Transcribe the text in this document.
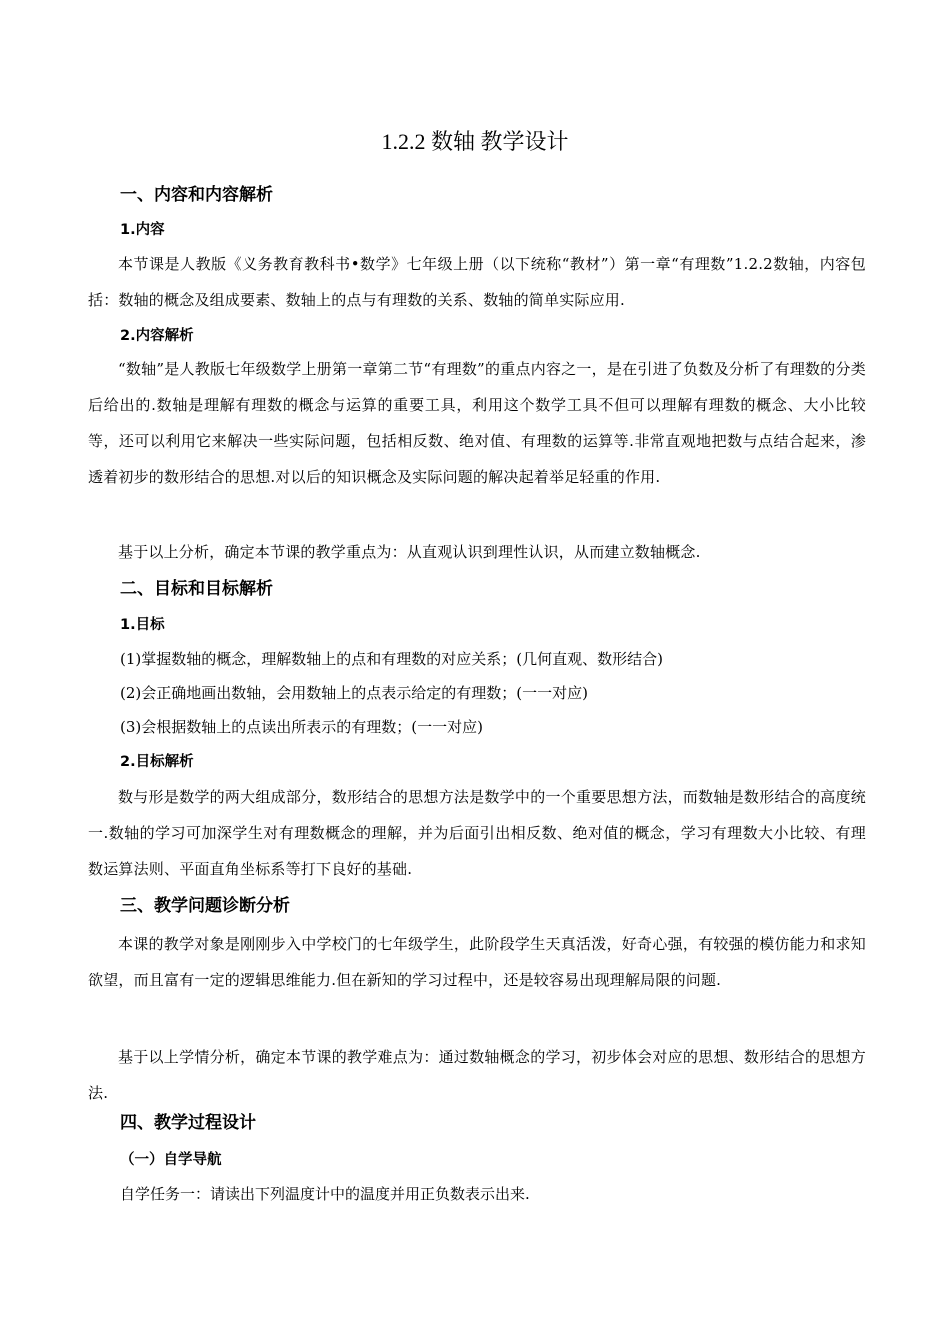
1.2.2 数轴 教学设计
一、内容和内容解析
1.内容
本节课是人教版《义务教育教科书•数学》七年级上册（以下统称“教材”）第一章“有理数”1.2.2数轴，内容包括：数轴的概念及组成要素、数轴上的点与有理数的关系、数轴的简单实际应用.
2.内容解析
“数轴”是人教版七年级数学上册第一章第二节“有理数”的重点内容之一，是在引进了负数及分析了有理数的分类后给出的.数轴是理解有理数的概念与运算的重要工具，利用这个数学工具不但可以理解有理数的概念、大小比较等，还可以利用它来解决一些实际问题，包括相反数、绝对值、有理数的运算等.非常直观地把数与点结合起来，渗透着初步的数形结合的思想.对以后的知识概念及实际问题的解决起着举足轻重的作用.
基于以上分析，确定本节课的教学重点为：从直观认识到理性认识，从而建立数轴概念.
二、目标和目标解析
1.目标
(1)掌握数轴的概念，理解数轴上的点和有理数的对应关系；(几何直观、数形结合)
(2)会正确地画出数轴，会用数轴上的点表示给定的有理数；(一一对应)
(3)会根据数轴上的点读出所表示的有理数；(一一对应)
2.目标解析
数与形是数学的两大组成部分，数形结合的思想方法是数学中的一个重要思想方法，而数轴是数形结合的高度统一.数轴的学习可加深学生对有理数概念的理解，并为后面引出相反数、绝对值的概念，学习有理数大小比较、有理数运算法则、平面直角坐标系等打下良好的基础.
三、教学问题诊断分析
本课的教学对象是刚刚步入中学校门的七年级学生，此阶段学生天真活泼，好奇心强，有较强的模仿能力和求知欲望，而且富有一定的逻辑思维能力.但在新知的学习过程中，还是较容易出现理解局限的问题.
基于以上学情分析，确定本节课的教学难点为：通过数轴概念的学习，初步体会对应的思想、数形结合的思想方法.
四、教学过程设计
（一）自学导航
自学任务一：请读出下列温度计中的温度并用正负数表示出来.
